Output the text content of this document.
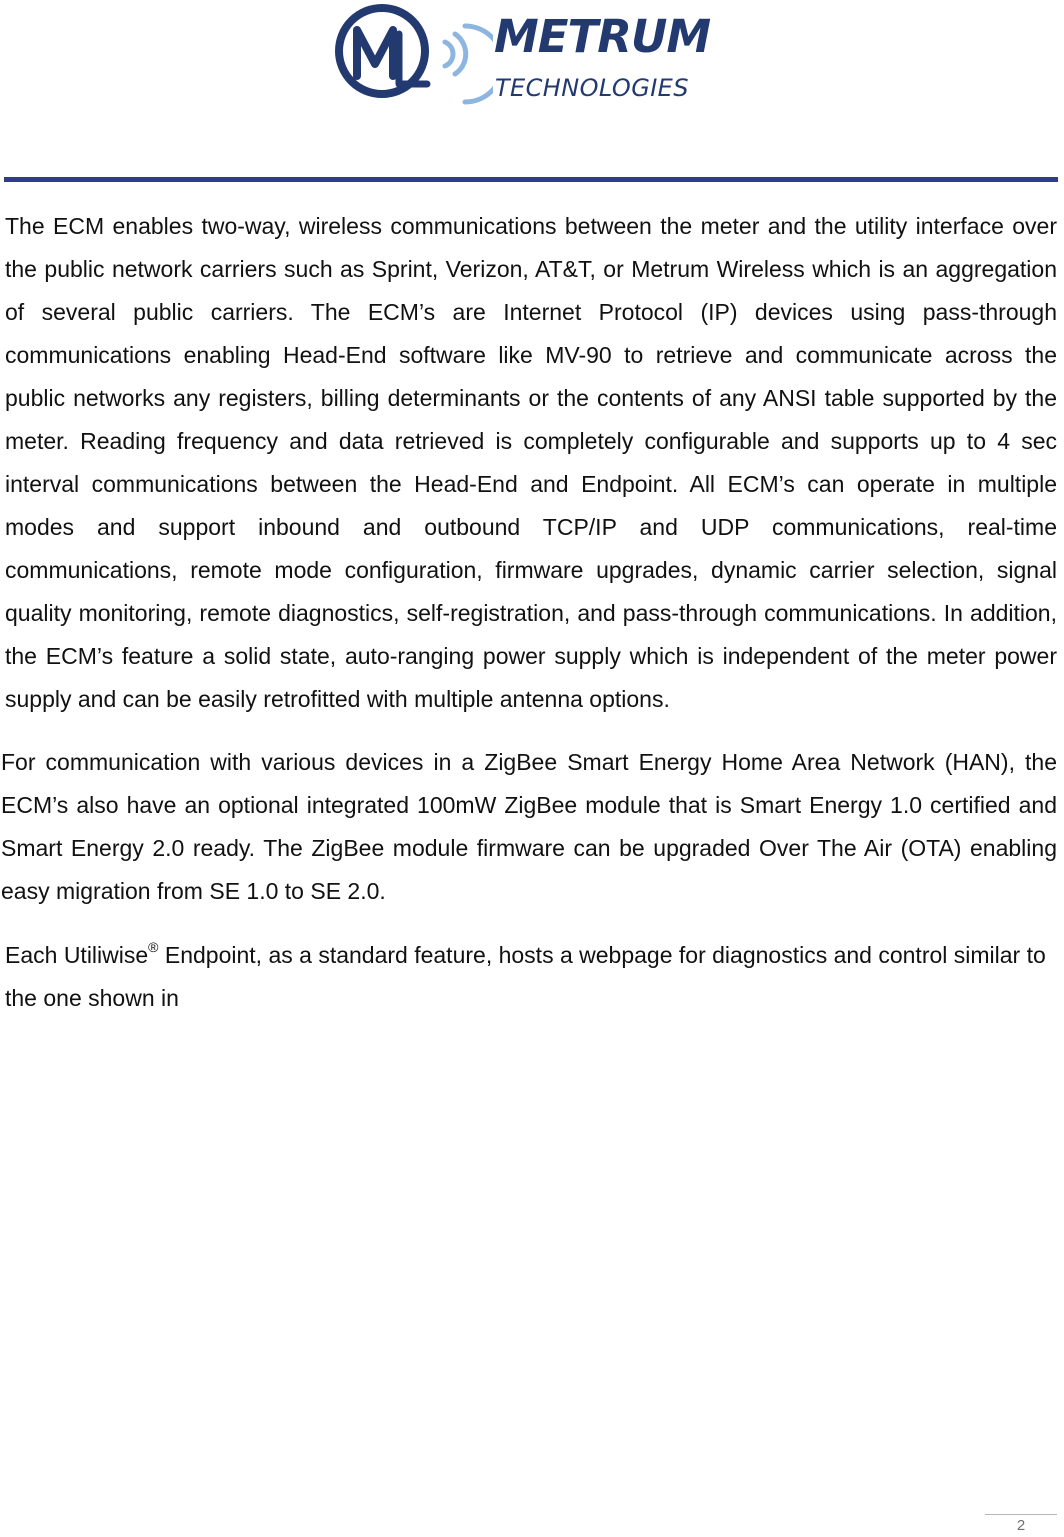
METRUM
TECHNOLOGIES

The ECM enables two-way, wireless communications between the meter and the utility interface over the public network carriers such as Sprint, Verizon, AT&T, or Metrum Wireless which is an aggregation of several public carriers. The ECM’s are Internet Protocol (IP) devices using pass-through communications enabling Head-End software like MV-90 to retrieve and communicate across the public networks any registers, billing determinants or the contents of any ANSI table supported by the meter. Reading frequency and data retrieved is completely configurable and supports up to 4 sec interval communications between the Head-End and Endpoint. All ECM’s can operate in multiple modes and support inbound and outbound TCP/IP and UDP communications, real-time communications, remote mode configuration, firmware upgrades, dynamic carrier selection, signal quality monitoring, remote diagnostics, self-registration, and pass-through communications. In addition, the ECM’s feature a solid state, auto-ranging power supply which is independent of the meter power supply and can be easily retrofitted with multiple antenna options.

For communication with various devices in a ZigBee Smart Energy Home Area Network (HAN), the ECM’s also have an optional integrated 100mW ZigBee module that is Smart Energy 1.0 certified and Smart Energy 2.0 ready. The ZigBee module firmware can be upgraded Over The Air (OTA) enabling easy migration from SE 1.0 to SE 2.0.

Each Utiliwise® Endpoint, as a standard feature, hosts a webpage for diagnostics and control similar to the one shown in

2
